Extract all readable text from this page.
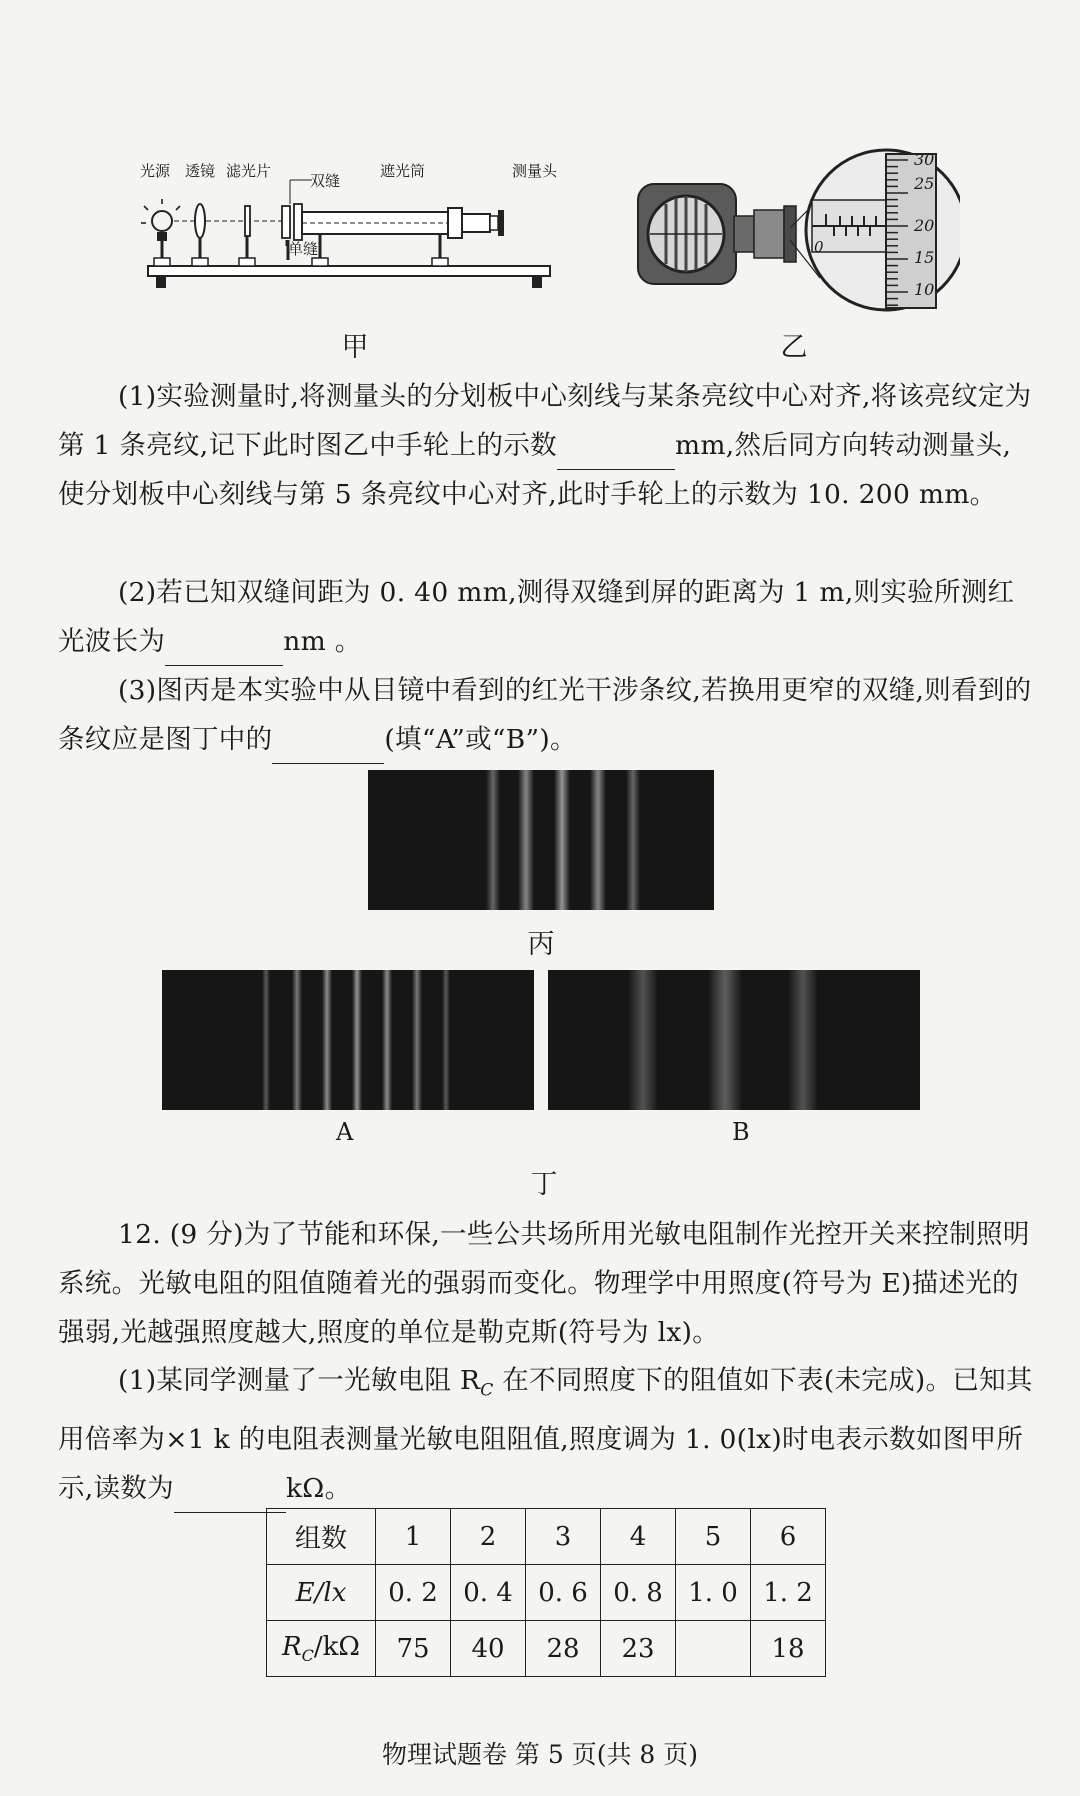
光源 透镜 滤光片
双缝
遮光筒	测量头
单缝
甲
0
30
25
20
15
10
乙
(1)实验测量时,将测量头的分划板中心刻线与某条亮纹中心对齐,将该亮纹定为第 1 条亮纹,记下此时图乙中手轮上的示数	mm,然后同方向转动测量头,使分划板中心刻线与第 5 条亮纹中心对齐,此时手轮上的示数为 10. 200 mm。
(2)若已知双缝间距为 0. 40 mm,测得双缝到屏的距离为 1 m,则实验所测红光波长为	nm 。
(3)图丙是本实验中从目镜中看到的红光干涉条纹,若换用更窄的双缝,则看到的条纹应是图丁中的	(填“A”或“B”)。
丙
A	B
丁
12. (9 分)为了节能和环保,一些公共场所用光敏电阻制作光控开关来控制照明系统。光敏电阻的阻值随着光的强弱而变化。物理学中用照度(符号为 E)描述光的强弱,光越强照度越大,照度的单位是勒克斯(符号为 lx)。
(1)某同学测量了一光敏电阻 $R_C$ 在不同照度下的阻值如下表(未完成)。已知其用倍率为×1 k 的电阻表测量光敏电阻阻值,照度调为 1. 0(lx)时电表示数如图甲所示,读数为	kΩ。
组数	1	2	3	4	5	6
E/lx	0. 2	0. 4	0. 6	0. 8	1. 0	1. 2
$R_C/k\Omega$	75	40	28	23		18
物理试题卷 第 5 页(共 8 页)
